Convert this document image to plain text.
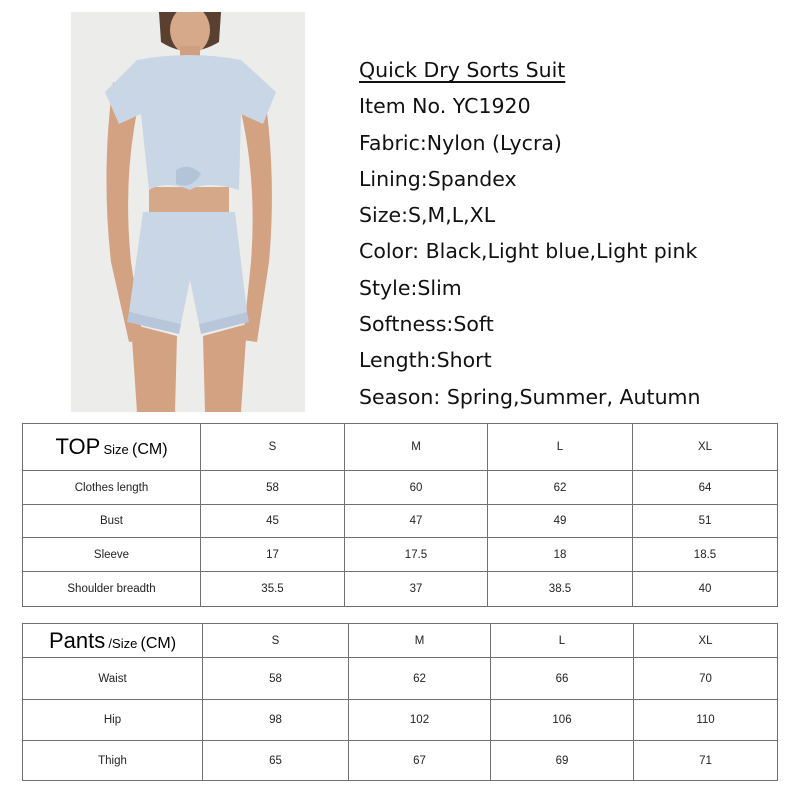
Quick Dry Sorts Suit
Item No. YC1920
Fabric:Nylon (Lycra)
Lining:Spandex
Size:S,M,L,XL
Color: Black,Light blue,Light pink
Style:Slim
Softness:Soft
Length:Short
Season: Spring,Summer, Autumn
TOP Size (CM)	S	M	L	XL
Clothes length	58	60	62	64
Bust	45	47	49	51
Sleeve	17	17.5	18	18.5
Shoulder breadth	35.5	37	38.5	40
Pants /Size (CM)	S	M	L	XL
Waist	58	62	66	70
Hip	98	102	106	110
Thigh	65	67	69	71
